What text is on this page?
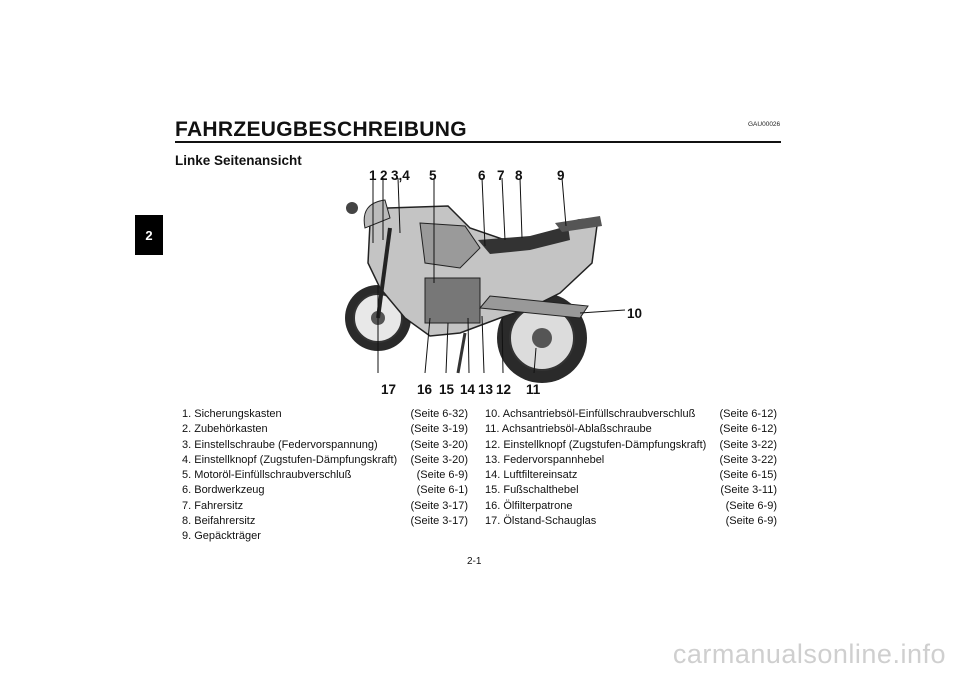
2
FAHRZEUGBESCHREIBUNG	GAU00026
Linke Seitenansicht
1 2 3,4 5	6 7 8	9
10
17 16 15 14 13 12 11
1. Sicherungskasten	(Seite 6-32)
2. Zubehörkasten	(Seite 3-19)
3. Einstellschraube (Federvorspannung)	(Seite 3-20)
4. Einstellknopf (Zugstufen-Dämpfungskraft) (Seite 3-20)
5. Motoröl-Einfüllschraubverschluß	(Seite 6-9)
6. Bordwerkzeug	(Seite 6-1)
7. Fahrersitz	(Seite 3-17)
8. Beifahrersitz	(Seite 3-17)
9. Gepäckträger
10. Achsantriebsöl-Einfüllschraubverschluß (Seite 6-12)
11. Achsantriebsöl-Ablaßschraube	(Seite 6-12)
12. Einstellknopf (Zugstufen-Dämpfungskraft) (Seite 3-22)
13. Federvorspannhebel	(Seite 3-22)
14. Luftfiltereinsatz	(Seite 6-15)
15. Fußschalthebel	(Seite 3-11)
16. Ölfilterpatrone	(Seite 6-9)
17. Ölstand-Schauglas	(Seite 6-9)
2-1
carmanualsonline.info
